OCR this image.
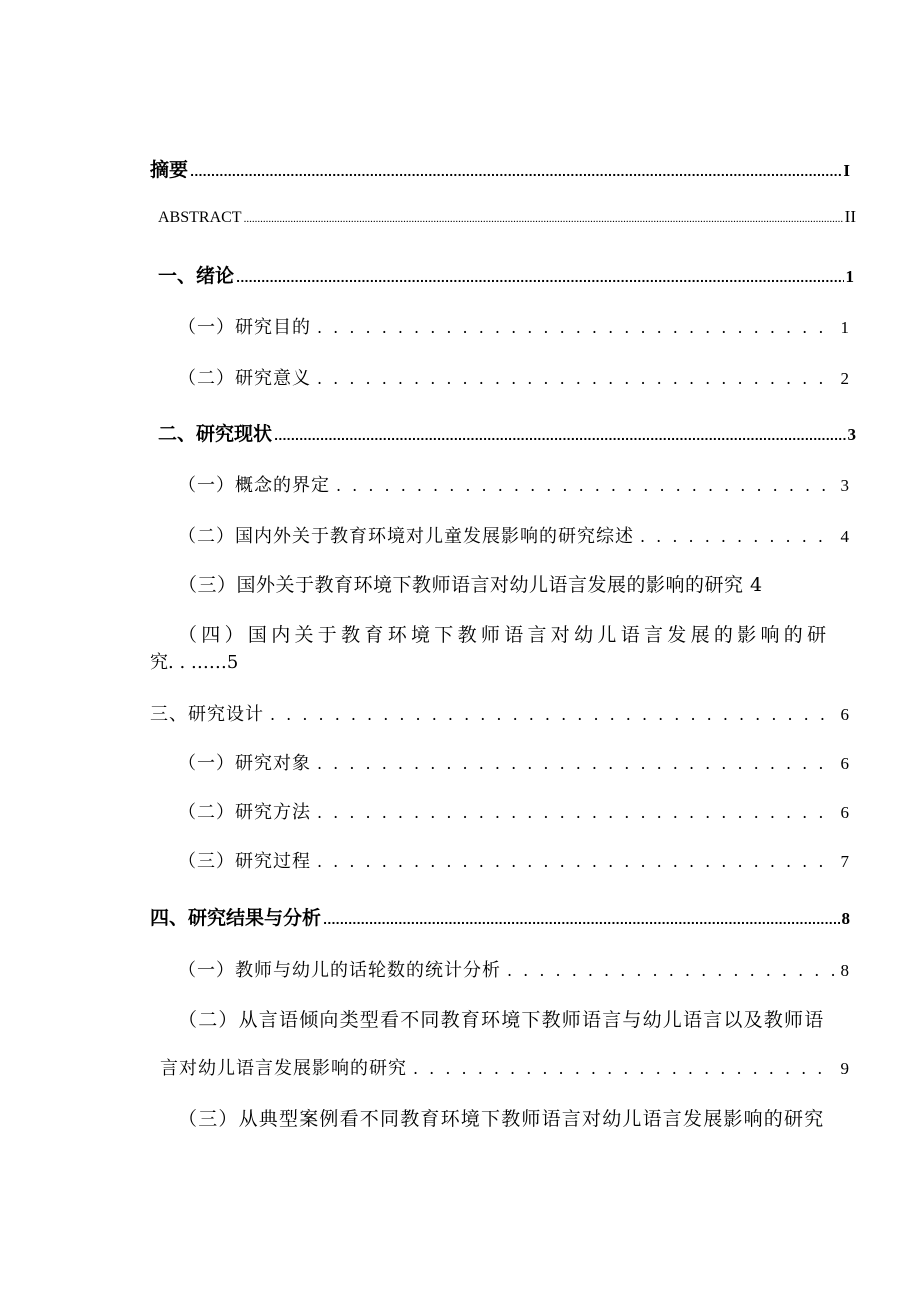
摘要 .....	I
ABSTRACT .....	II
一、绪论 .....	1
（一）研究目的 . . .	1
（二）研究意义 . . .	2
二、研究现状 .....	3
（一）概念的界定 . . .	3
（二）国内外关于教育环境对儿童发展影响的研究综述 . . .	4
（三）国外关于教育环境下教师语言对幼儿语言发展的影响的研究 4
（四）国内关于教育环境下教师语言对幼儿语言发展的影响的研
究. . ……5
三、研究设计 . . .	6
（一）研究对象 . . .	6
（二）研究方法 . . .	6
（三）研究过程 . . .	7
四、研究结果与分析 .....	8
（一）教师与幼儿的话轮数的统计分析 . . .	8
（二）从言语倾向类型看不同教育环境下教师语言与幼儿语言以及教师语
言对幼儿语言发展影响的研究 . . .	9
（三）从典型案例看不同教育环境下教师语言对幼儿语言发展影响的研究
